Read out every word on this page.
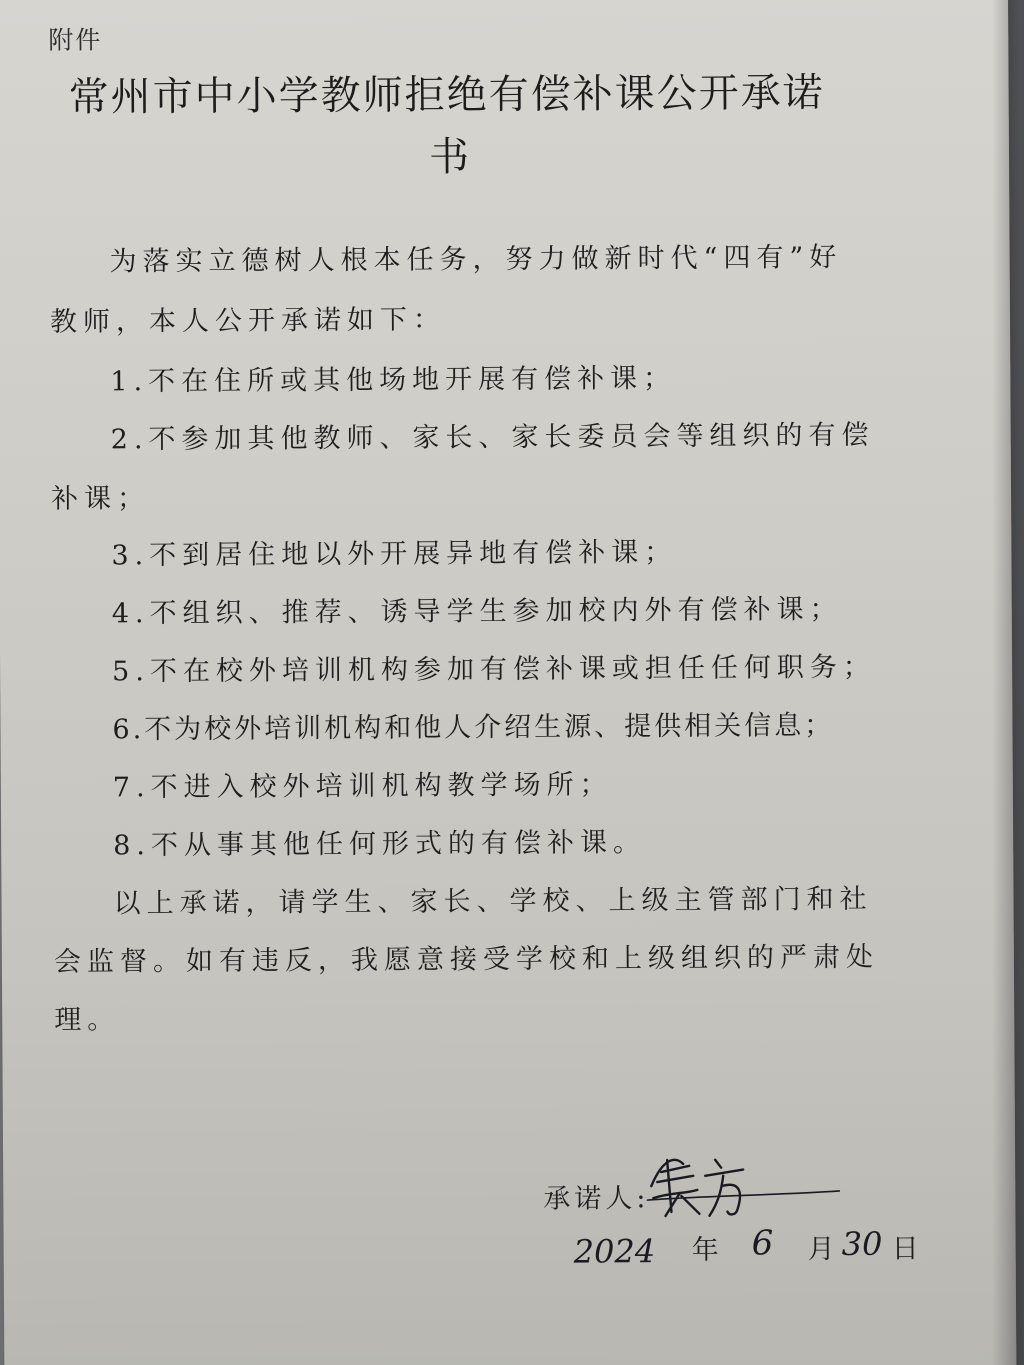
附件
常州市中小学教师拒绝有偿补课公开承诺
书
为落实立德树人根本任务，努力做新时代“四有”好
教师，本人公开承诺如下：
1.不在住所或其他场地开展有偿补课；
2.不参加其他教师、家长、家长委员会等组织的有偿
补课；
3.不到居住地以外开展异地有偿补课；
4.不组织、推荐、诱导学生参加校内外有偿补课；
5.不在校外培训机构参加有偿补课或担任任何职务；
6.不为校外培训机构和他人介绍生源、提供相关信息；
7.不进入校外培训机构教学场所；
8.不从事其他任何形式的有偿补课。
以上承诺，请学生、家长、学校、上级主管部门和社
会监督。如有违反，我愿意接受学校和上级组织的严肃处
理。
承诺人:
2024 年 6 月 30 日
